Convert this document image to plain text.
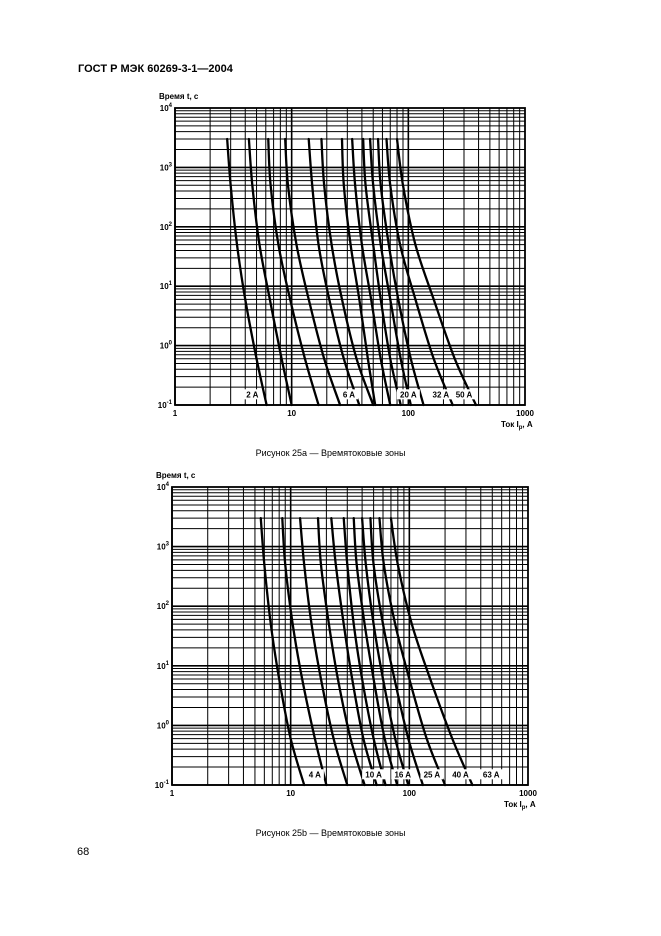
ГОСТ Р МЭК 60269-3-1—2004
$10^{-1}$
$10^0$
$10^1$
$10^2$
$10^3$
$10^4$
1	10	100	1000
Время t, с
Ток $I_p$, А
2 A	6 A	20 A 32 A 50 A
Рисунок 25а — Времятоковые зоны
$10^{-1}$
$10^0$
$10^1$
$10^2$
$10^3$
$10^4$
1	10	100	1000
Время t, с
Ток $I_p$, А
4 A	10 A 16 A 25 A 40 A 63 A
Рисунок 25b — Времятоковые зоны
68
